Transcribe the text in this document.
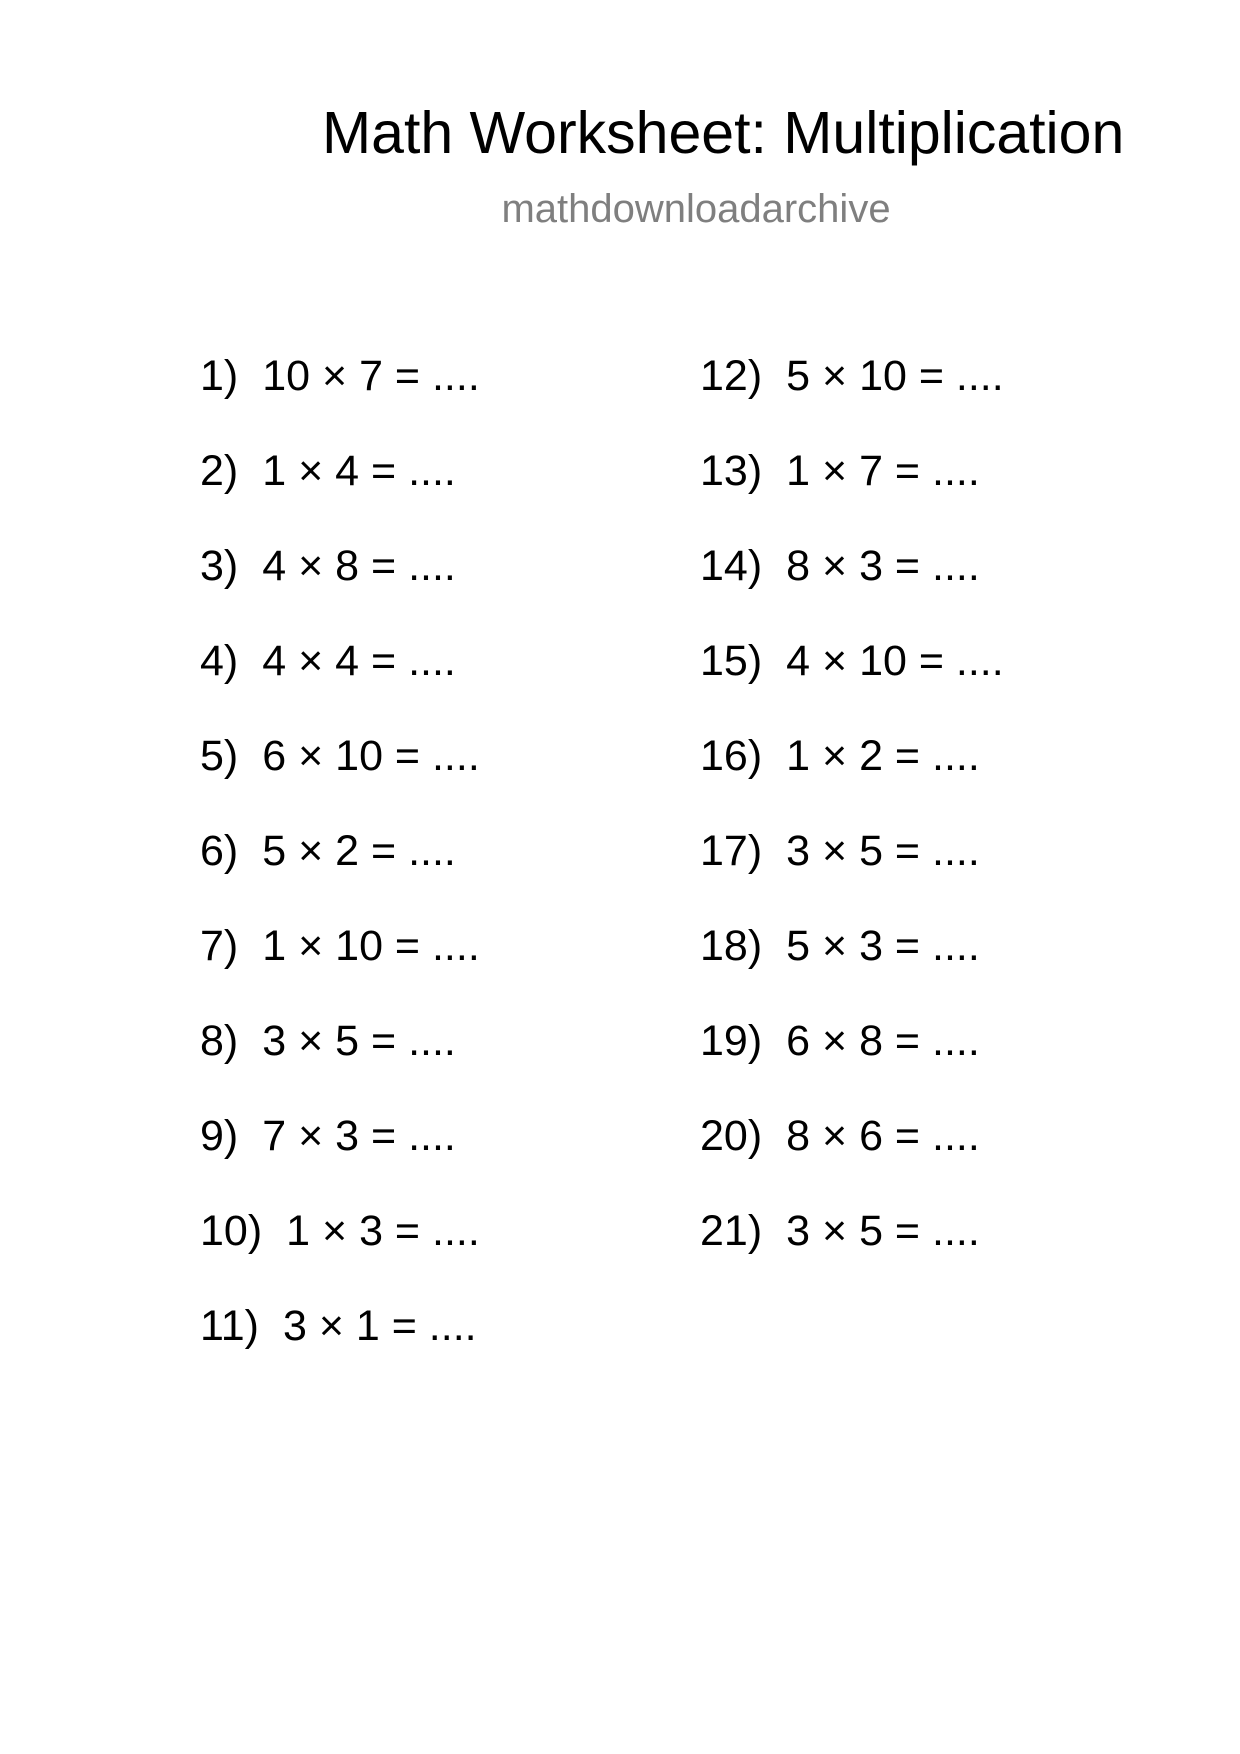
Math Worksheet: Multiplication
mathdownloadarchive
1) 10 × 7 = ....
2) 1 × 4 = ....
3) 4 × 8 = ....
4) 4 × 4 = ....
5) 6 × 10 = ....
6) 5 × 2 = ....
7) 1 × 10 = ....
8) 3 × 5 = ....
9) 7 × 3 = ....
10) 1 × 3 = ....
11) 3 × 1 = ....
12) 5 × 10 = ....
13) 1 × 7 = ....
14) 8 × 3 = ....
15) 4 × 10 = ....
16) 1 × 2 = ....
17) 3 × 5 = ....
18) 5 × 3 = ....
19) 6 × 8 = ....
20) 8 × 6 = ....
21) 3 × 5 = ....
